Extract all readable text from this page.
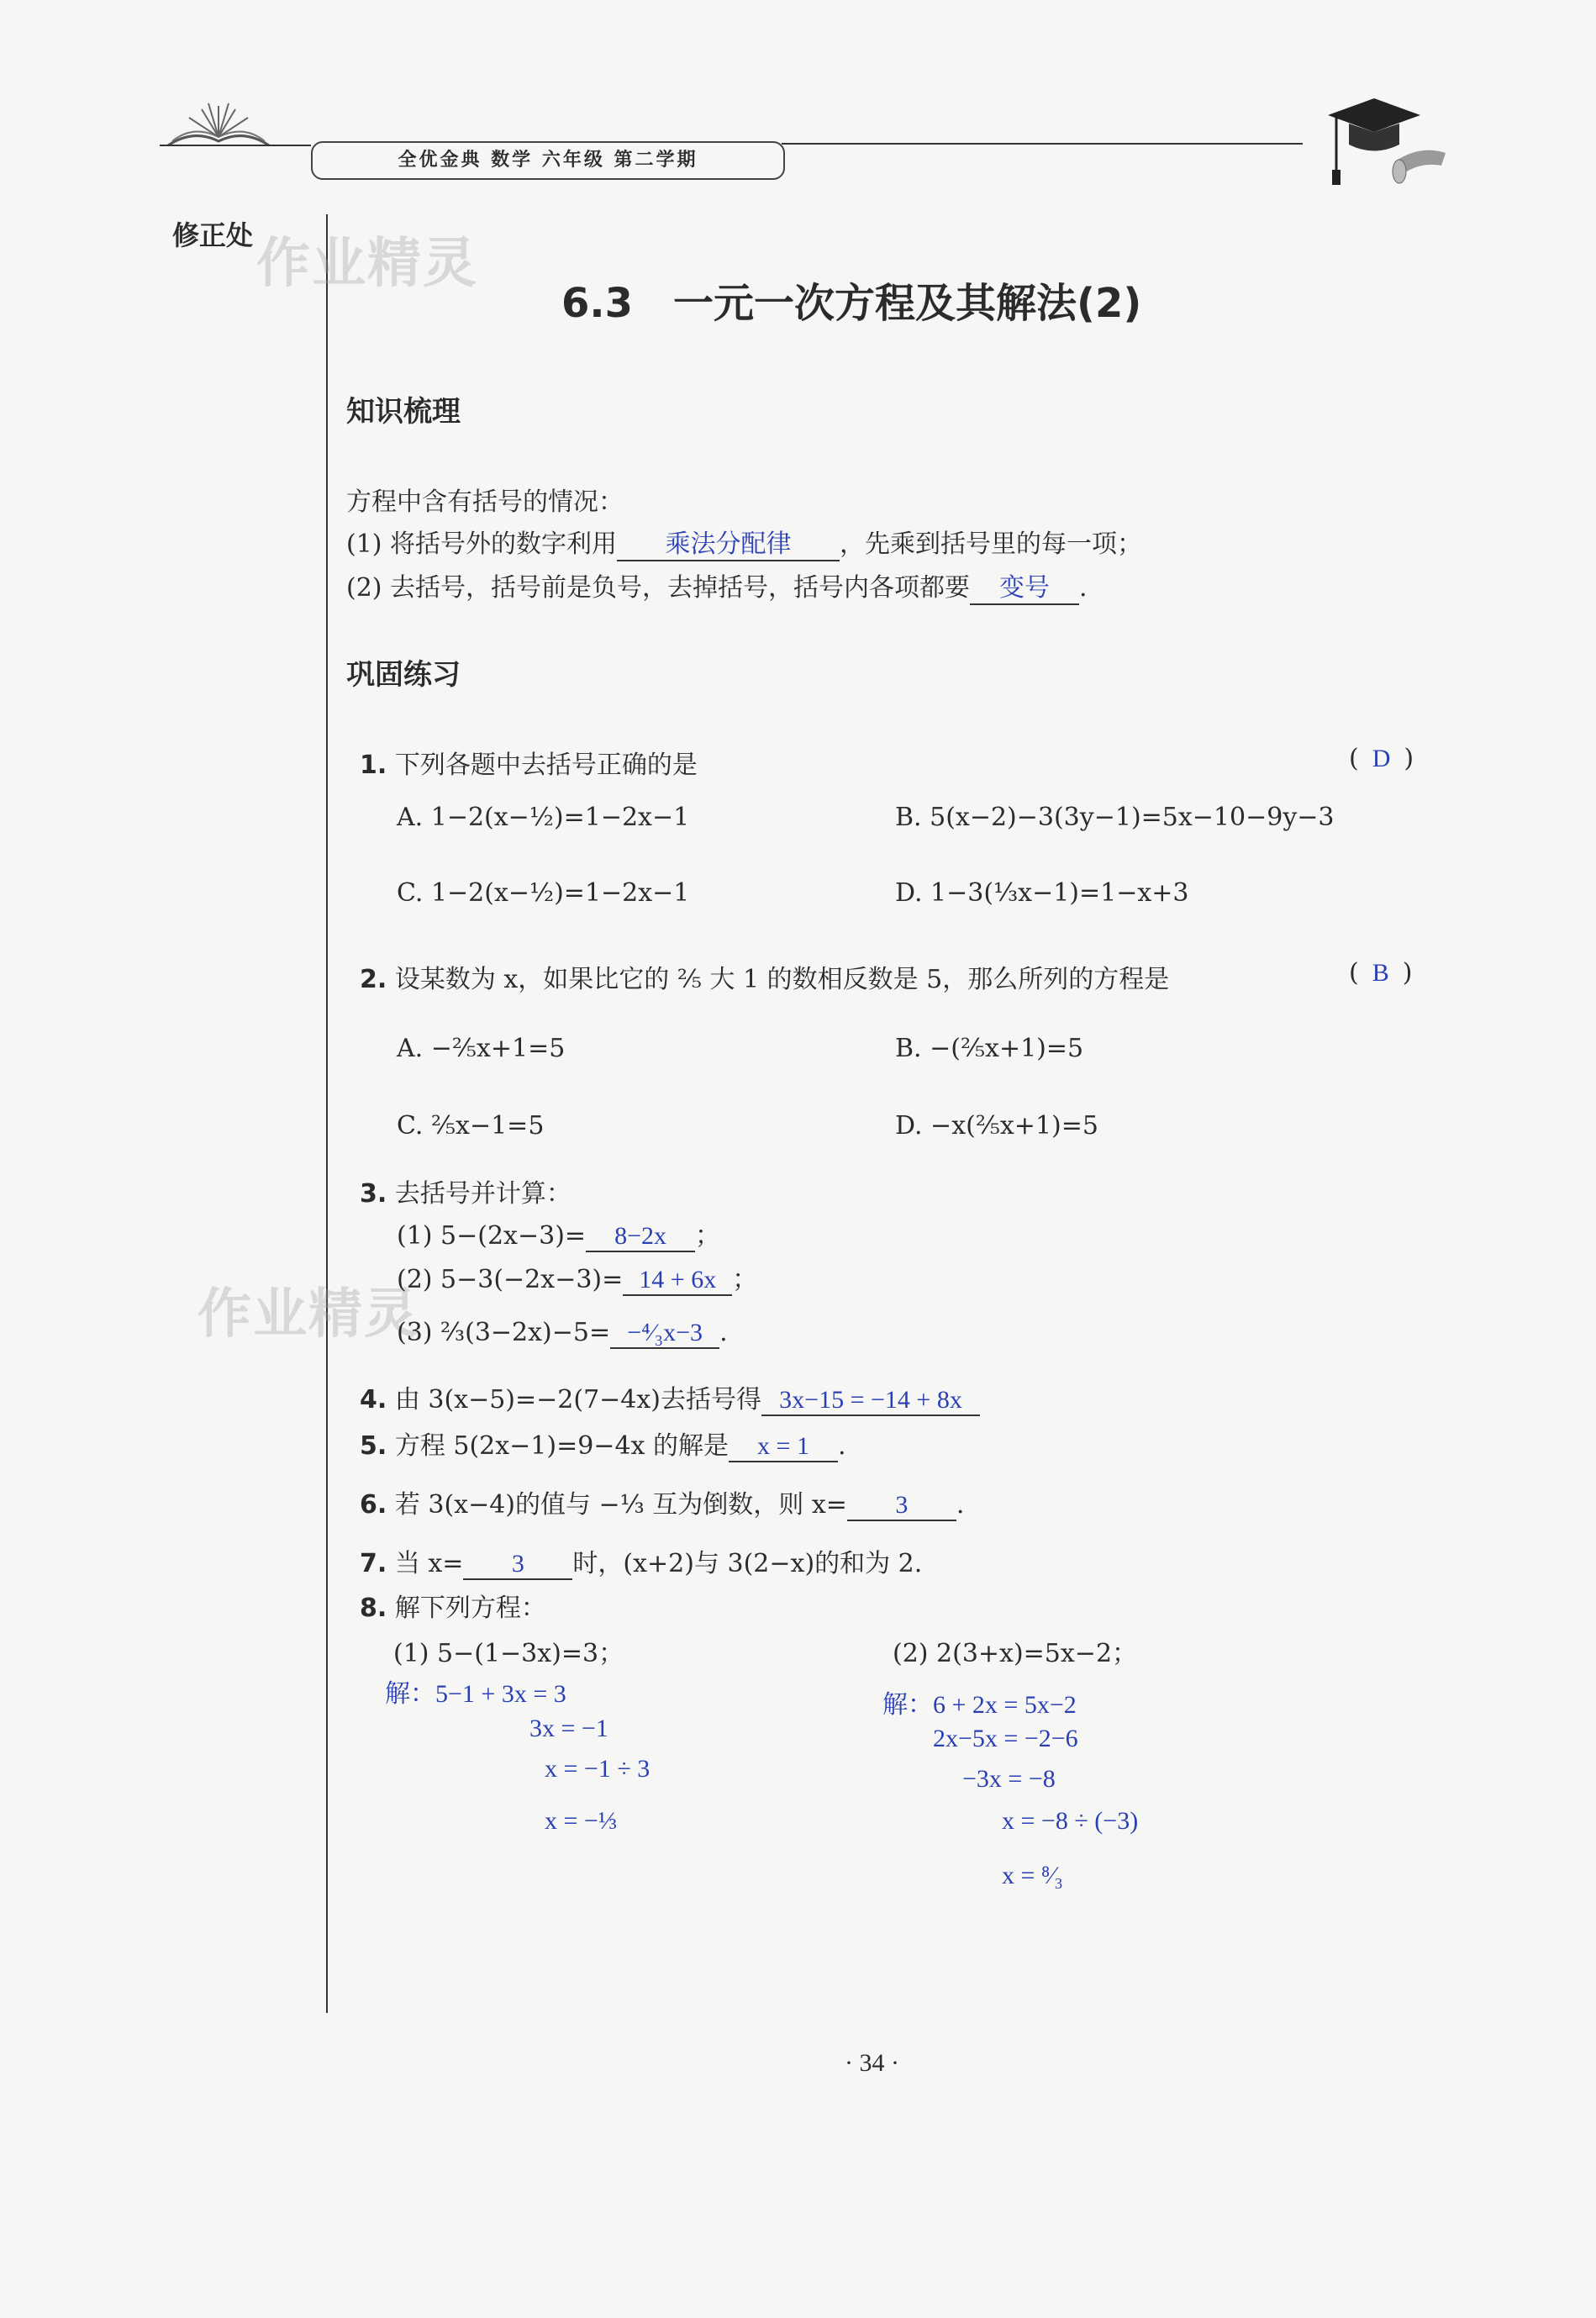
全优金典 数学 六年级 第二学期
修正处 作业精灵
作业精灵
6.3　一元一次方程及其解法(2)
知识梳理
方程中含有括号的情况：
(1) 将括号外的数字利用 乘法分配律 ，先乘到括号里的每一项；
(2) 去括号，括号前是负号，去掉括号，括号内各项都要 变号 .
巩固练习
1. 下列各题中去括号正确的是	( D )
A. 1−2(x−½)=1−2x−1	B. 5(x−2)−3(3y−1)=5x−10−9y−3
C. 1−2(x−½)=1−2x−1	D. 1−3(⅓x−1)=1−x+3
2. 设某数为 x，如果比它的 ⅖ 大 1 的数相反数是 5，那么所列的方程是	( B )
A. −⅖x+1=5	B. −(⅖x+1)=5
C. ⅖x−1=5	D. −x(⅖x+1)=5
3. 去括号并计算：
(1) 5−(2x−3)= 8−2x ；
(2) 5−3(−2x−3)= 14 + 6x ；
(3) ⅔(3−2x)−5= −⁴⁄₃x−3 .
4. 由 3(x−5)=−2(7−4x)去括号得 3x−15 = −14 + 8x
5. 方程 5(2x−1)=9−4x 的解是 x = 1 .
6. 若 3(x−4)的值与 −⅓ 互为倒数，则 x= 3 .
7. 当 x= 3 时，(x+2)与 3(2−x)的和为 2.
8. 解下列方程：
(1) 5−(1−3x)=3；	(2) 2(3+x)=5x−2；
解：5−1 + 3x = 3
3x = −1
x = −1 ÷ 3
x = −⅓
解：6 + 2x = 5x−2
2x−5x = −2−6
−3x = −8
x = −8 ÷ (−3)
x = ⁸⁄₃
· 34 ·
